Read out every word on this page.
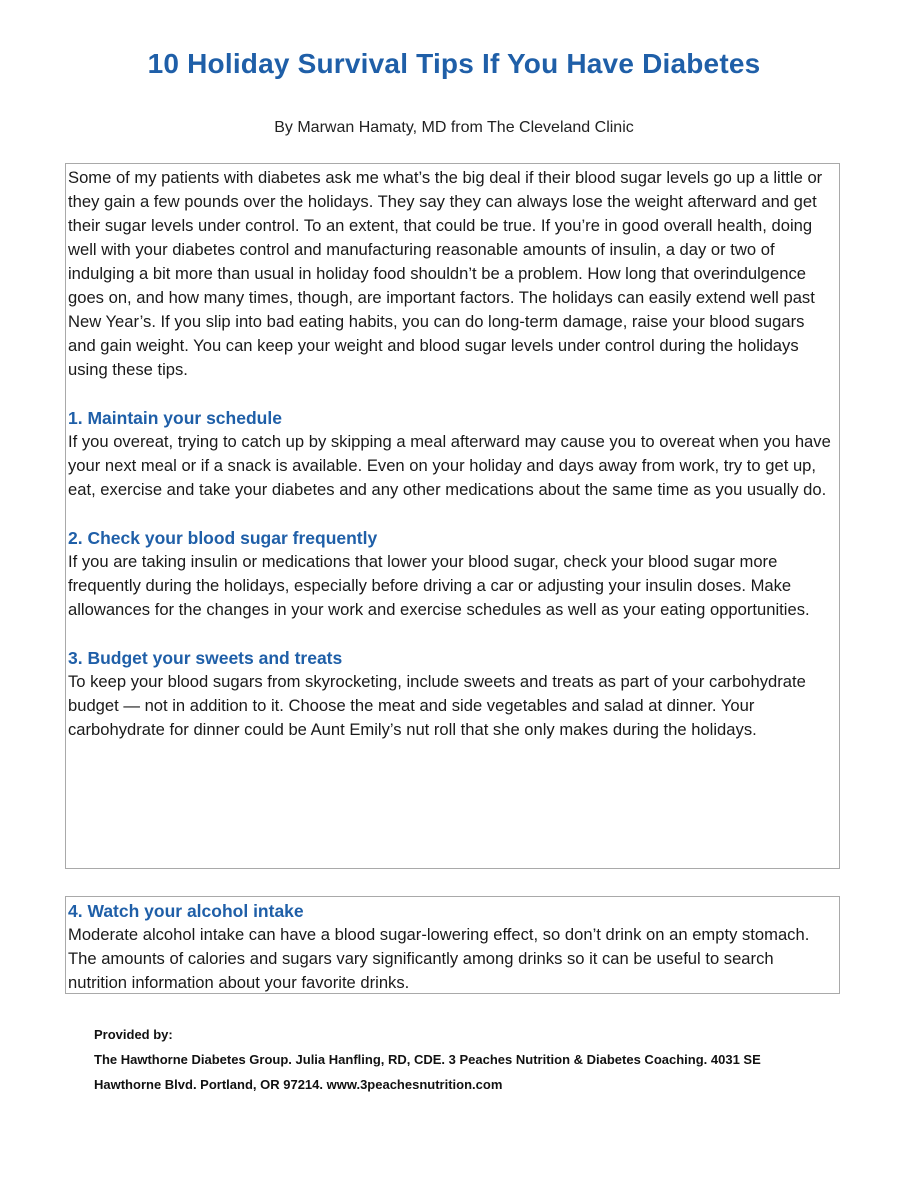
10 Holiday Survival Tips If You Have Diabetes
By Marwan Hamaty, MD from The Cleveland Clinic

Some of my patients with diabetes ask me what’s the big deal if their blood sugar levels go up a little or they gain a few pounds over the holidays. They say they can always lose the weight afterward and get their sugar levels under control. To an extent, that could be true. If you’re in good overall health, doing well with your diabetes control and manufacturing reasonable amounts of insulin, a day or two of indulging a bit more than usual in holiday food shouldn’t be a problem. How long that overindulgence goes on, and how many times, though, are important factors. The holidays can easily extend well past New Year’s. If you slip into bad eating habits, you can do long-term damage, raise your blood sugars and gain weight. You can keep your weight and blood sugar levels under control during the holidays using these tips.

1. Maintain your schedule

If you overeat, trying to catch up by skipping a meal afterward may cause you to overeat when you have your next meal or if a snack is available. Even on your holiday and days away from work, try to get up, eat, exercise and take your diabetes and any other medications about the same time as you usually do.

2. Check your blood sugar frequently

If you are taking insulin or medications that lower your blood sugar, check your blood sugar more frequently during the holidays, especially before driving a car or adjusting your insulin doses. Make allowances for the changes in your work and exercise schedules as well as your eating opportunities.

3. Budget your sweets and treats

To keep your blood sugars from skyrocketing, include sweets and treats as part of your carbohydrate budget — not in addition to it. Choose the meat and side vegetables and salad at dinner. Your carbohydrate for dinner could be Aunt Emily’s nut roll that she only makes during the holidays.

4. Watch your alcohol intake

Moderate alcohol intake can have a blood sugar-lowering effect, so don’t drink on an empty stomach. The amounts of calories and sugars vary significantly among drinks so it can be useful to search nutrition information about your favorite drinks.

Provided by:
The Hawthorne Diabetes Group. Julia Hanfling, RD, CDE. 3 Peaches Nutrition & Diabetes Coaching. 4031 SE
Hawthorne Blvd. Portland, OR 97214. www.3peachesnutrition.com
